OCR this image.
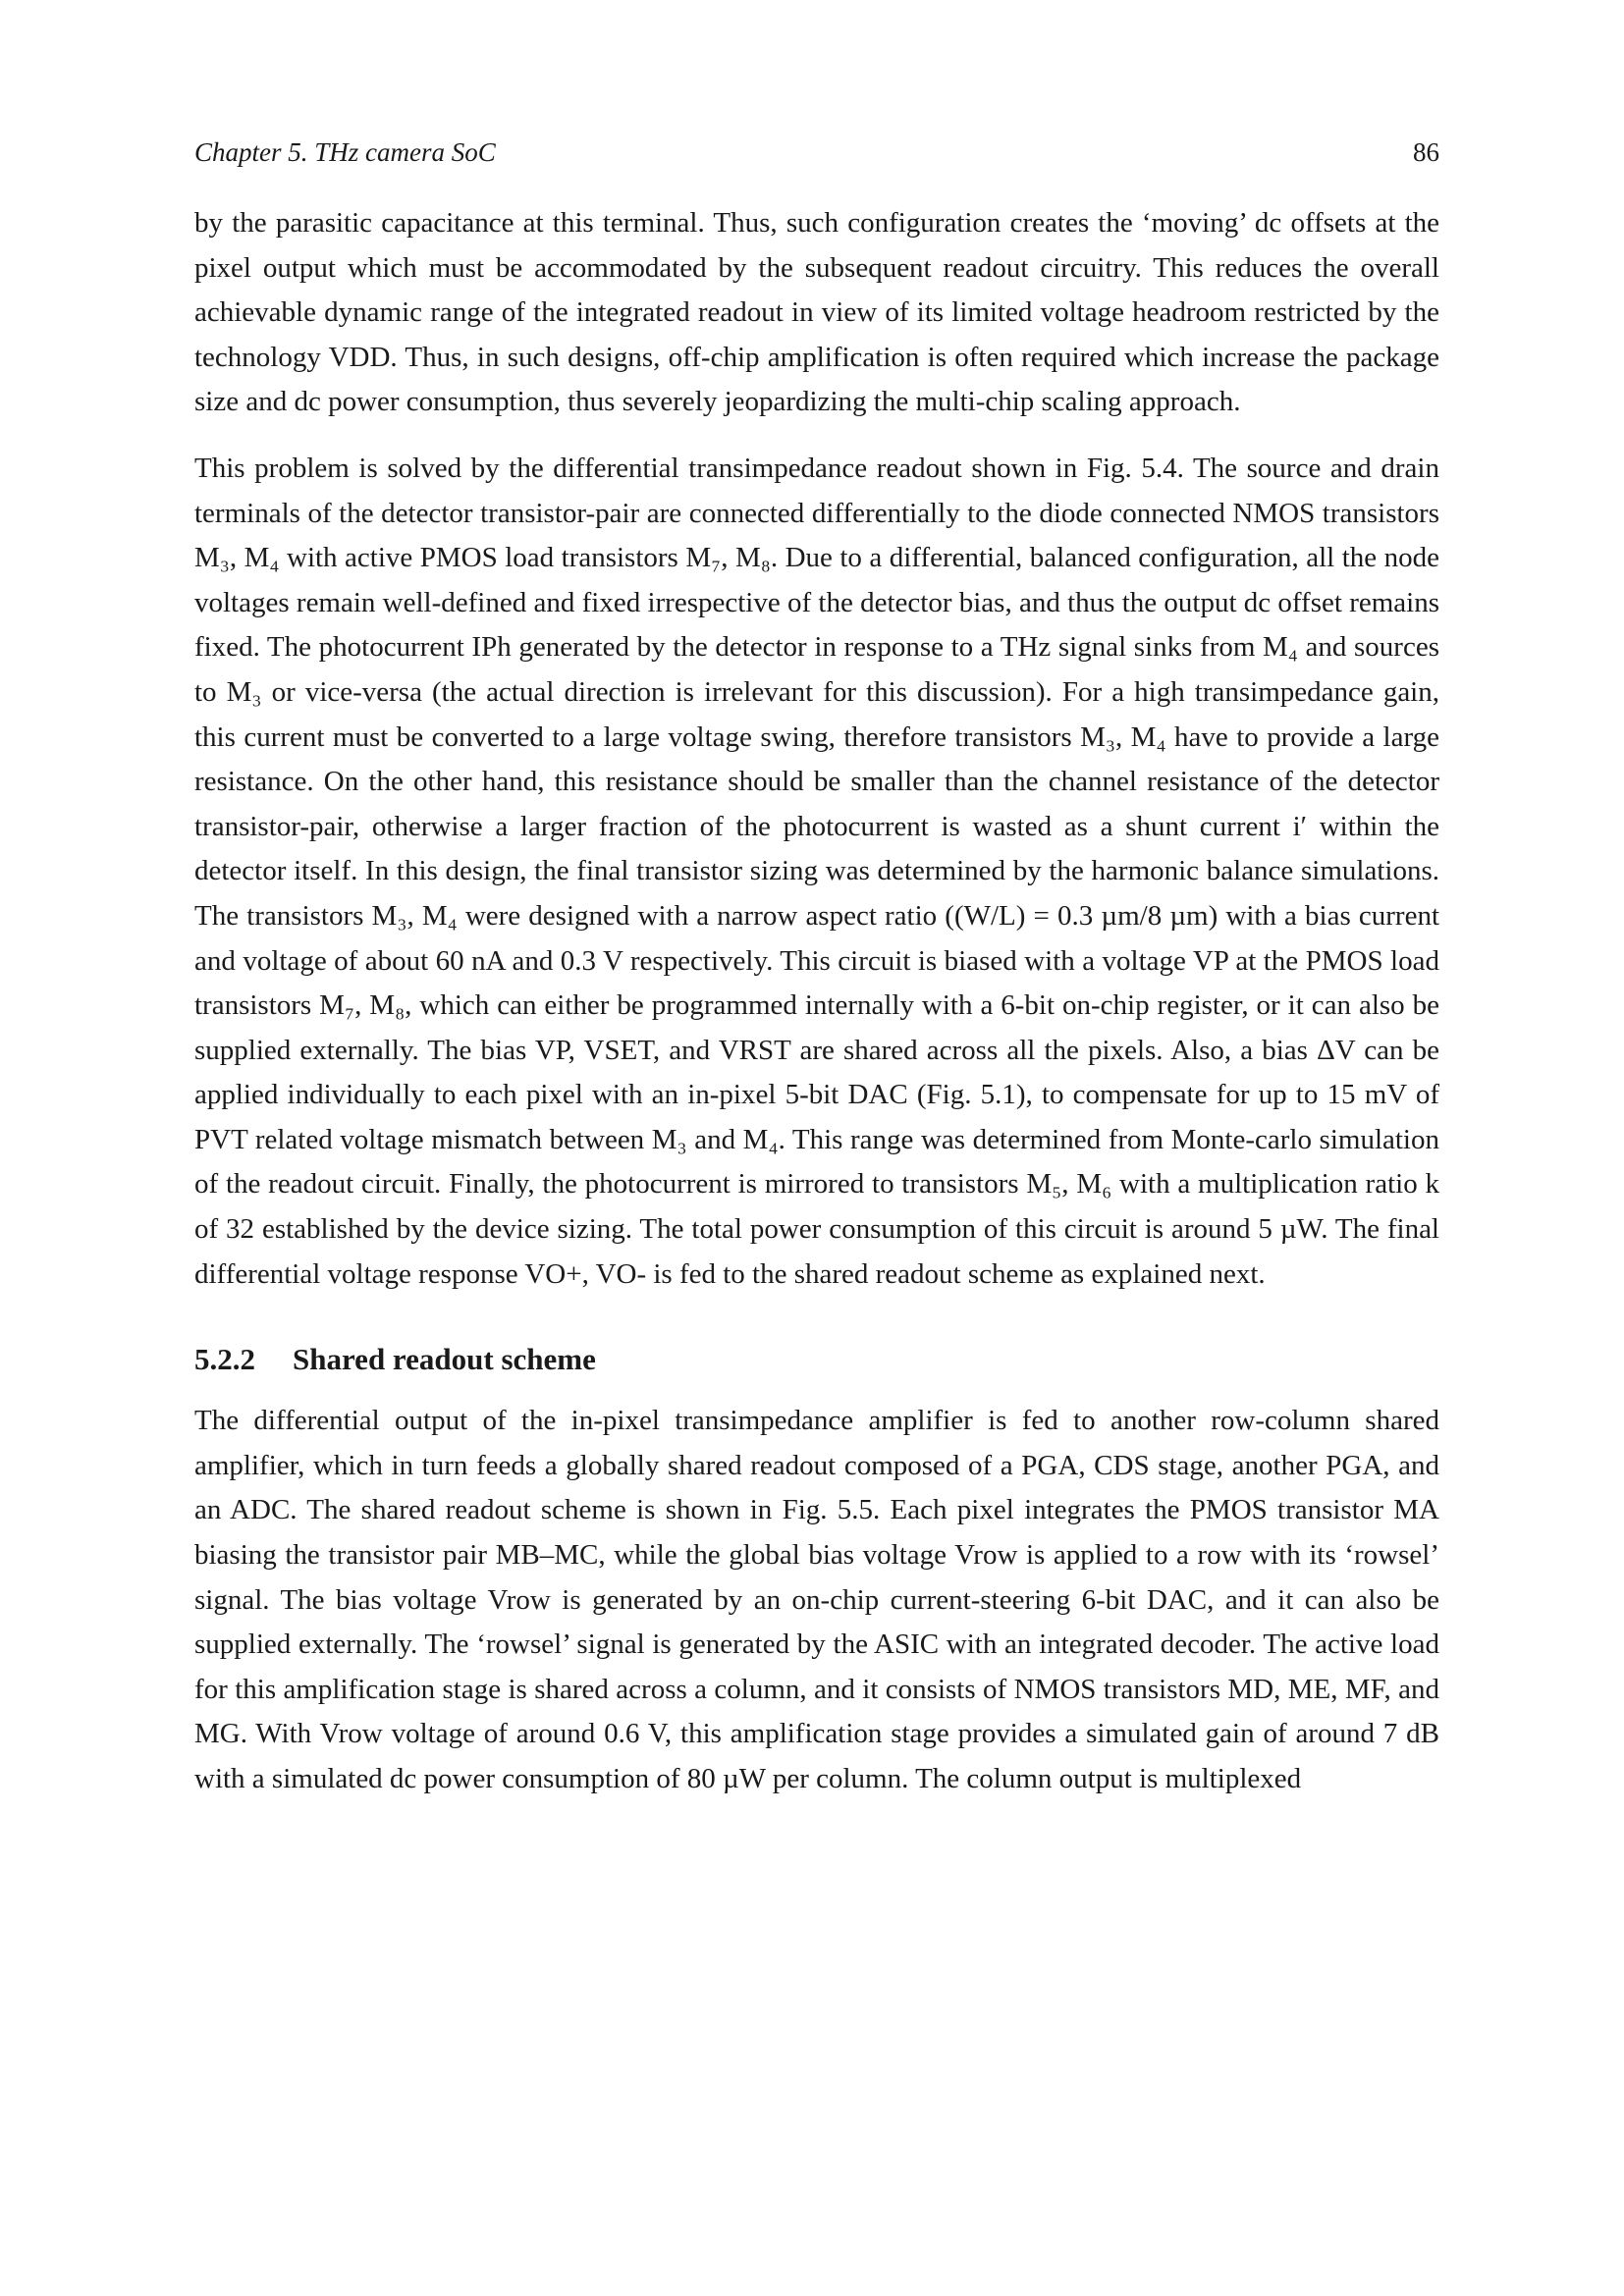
Chapter 5. THz camera SoC	86

by the parasitic capacitance at this terminal. Thus, such configuration creates the ‘moving’ dc offsets at the pixel output which must be accommodated by the subsequent readout circuitry. This reduces the overall achievable dynamic range of the integrated readout in view of its limited voltage headroom restricted by the technology VDD. Thus, in such designs, off-chip amplification is often required which increase the package size and dc power consumption, thus severely jeopardizing the multi-chip scaling approach.

This problem is solved by the differential transimpedance readout shown in Fig. 5.4. The source and drain terminals of the detector transistor-pair are connected differentially to the diode connected NMOS transistors M₃, M₄ with active PMOS load transistors M₇, M₈. Due to a differential, balanced configuration, all the node voltages remain well-defined and fixed irrespective of the detector bias, and thus the output dc offset remains fixed. The photocurrent IPh generated by the detector in response to a THz signal sinks from M₄ and sources to M₃ or vice-versa (the actual direction is irrelevant for this discussion). For a high transimpedance gain, this current must be converted to a large voltage swing, therefore transistors M₃, M₄ have to provide a large resistance. On the other hand, this resistance should be smaller than the channel resistance of the detector transistor-pair, otherwise a larger fraction of the photocurrent is wasted as a shunt current i′ within the detector itself. In this design, the final transistor sizing was determined by the harmonic balance simulations. The transistors M₃, M₄ were designed with a narrow aspect ratio ((W/L) = 0.3 µm/8 µm) with a bias current and voltage of about 60 nA and 0.3 V respectively. This circuit is biased with a voltage VP at the PMOS load transistors M₇, M₈, which can either be programmed internally with a 6-bit on-chip register, or it can also be supplied externally. The bias VP, VSET, and VRST are shared across all the pixels. Also, a bias ΔV can be applied individually to each pixel with an in-pixel 5-bit DAC (Fig. 5.1), to compensate for up to 15 mV of PVT related voltage mismatch between M₃ and M₄. This range was determined from Monte-carlo simulation of the readout circuit. Finally, the photocurrent is mirrored to transistors M₅, M₆ with a multiplication ratio k of 32 established by the device sizing. The total power consumption of this circuit is around 5 µW. The final differential voltage response VO+, VO- is fed to the shared readout scheme as explained next.

5.2.2	Shared readout scheme

The differential output of the in-pixel transimpedance amplifier is fed to another row-column shared amplifier, which in turn feeds a globally shared readout composed of a PGA, CDS stage, another PGA, and an ADC. The shared readout scheme is shown in Fig. 5.5. Each pixel integrates the PMOS transistor MA biasing the transistor pair MB–MC, while the global bias voltage Vrow is applied to a row with its ‘rowsel’ signal. The bias voltage Vrow is generated by an on-chip current-steering 6-bit DAC, and it can also be supplied externally. The ‘rowsel’ signal is generated by the ASIC with an integrated decoder. The active load for this amplification stage is shared across a column, and it consists of NMOS transistors MD, ME, MF, and MG. With Vrow voltage of around 0.6 V, this amplification stage provides a simulated gain of around 7 dB with a simulated dc power consumption of 80 µW per column. The column output is multiplexed
